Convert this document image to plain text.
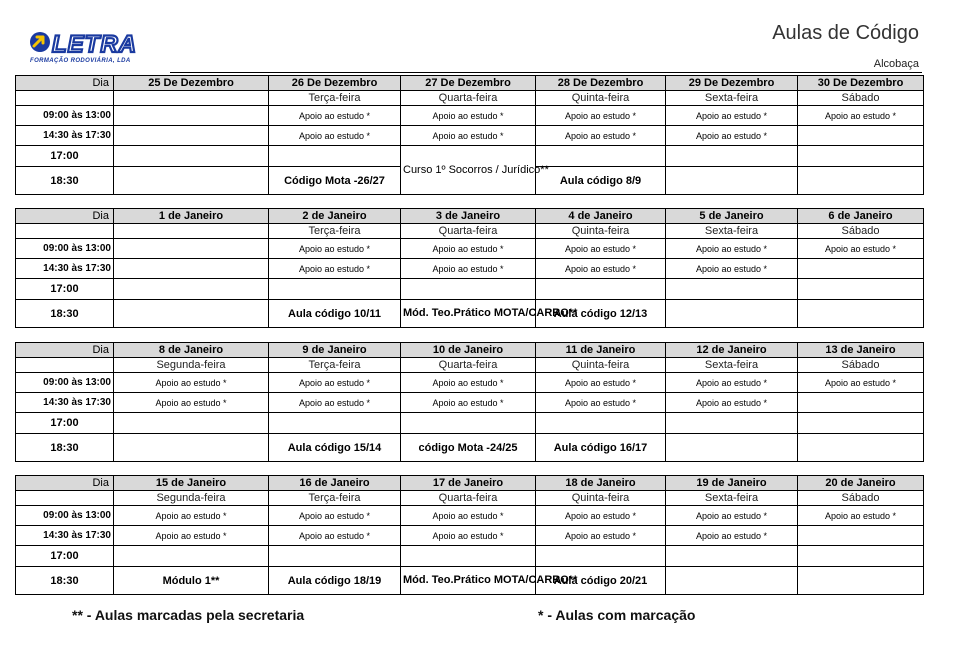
LETRA
FORMAÇÃO RODOVIÁRIA, LDA
Aulas de Código
Alcobaça
Dia	25 De Dezembro	26 De Dezembro	27 De Dezembro	28 De Dezembro	29 De Dezembro	30 De Dezembro
		Terça-feira	Quarta-feira	Quinta-feira	Sexta-feira	Sábado
09:00 às 13:00		Apoio ao estudo *	Apoio ao estudo *	Apoio ao estudo *	Apoio ao estudo *	Apoio ao estudo *
14:30 às 17:30		Apoio ao estudo *	Apoio ao estudo *	Apoio ao estudo *	Apoio ao estudo *	
17:00			Curso 1º Socorros / Jurídico**			
18:30		Código Mota -26/27		Aula código 8/9		
Dia	1 de Janeiro	2 de Janeiro	3 de Janeiro	4 de Janeiro	5 de Janeiro	6 de Janeiro
		Terça-feira	Quarta-feira	Quinta-feira	Sexta-feira	Sábado
09:00 às 13:00		Apoio ao estudo *	Apoio ao estudo *	Apoio ao estudo *	Apoio ao estudo *	Apoio ao estudo *
14:30 às 17:30		Apoio ao estudo *	Apoio ao estudo *	Apoio ao estudo *	Apoio ao estudo *	
17:00						
18:30		Aula código 10/11	Mód. Teo.Prático MOTA/CARRO**	Aula código 12/13		
Dia	8 de Janeiro	9 de Janeiro	10 de Janeiro	11 de Janeiro	12 de Janeiro	13 de Janeiro
	Segunda-feira	Terça-feira	Quarta-feira	Quinta-feira	Sexta-feira	Sábado
09:00 às 13:00	Apoio ao estudo *	Apoio ao estudo *	Apoio ao estudo *	Apoio ao estudo *	Apoio ao estudo *	Apoio ao estudo *
14:30 às 17:30	Apoio ao estudo *	Apoio ao estudo *	Apoio ao estudo *	Apoio ao estudo *	Apoio ao estudo *	
17:00						
18:30		Aula código 15/14	código Mota -24/25	Aula código 16/17		
Dia	15 de Janeiro	16 de Janeiro	17 de Janeiro	18 de Janeiro	19 de Janeiro	20 de Janeiro
	Segunda-feira	Terça-feira	Quarta-feira	Quinta-feira	Sexta-feira	Sábado
09:00 às 13:00	Apoio ao estudo *	Apoio ao estudo *	Apoio ao estudo *	Apoio ao estudo *	Apoio ao estudo *	Apoio ao estudo *
14:30 às 17:30	Apoio ao estudo *	Apoio ao estudo *	Apoio ao estudo *	Apoio ao estudo *	Apoio ao estudo *	
17:00						
18:30	Módulo 1**	Aula código 18/19	Mód. Teo.Prático MOTA/CARRO**	Aula código 20/21		
** - Aulas marcadas pela secretaria	* - Aulas com marcação
